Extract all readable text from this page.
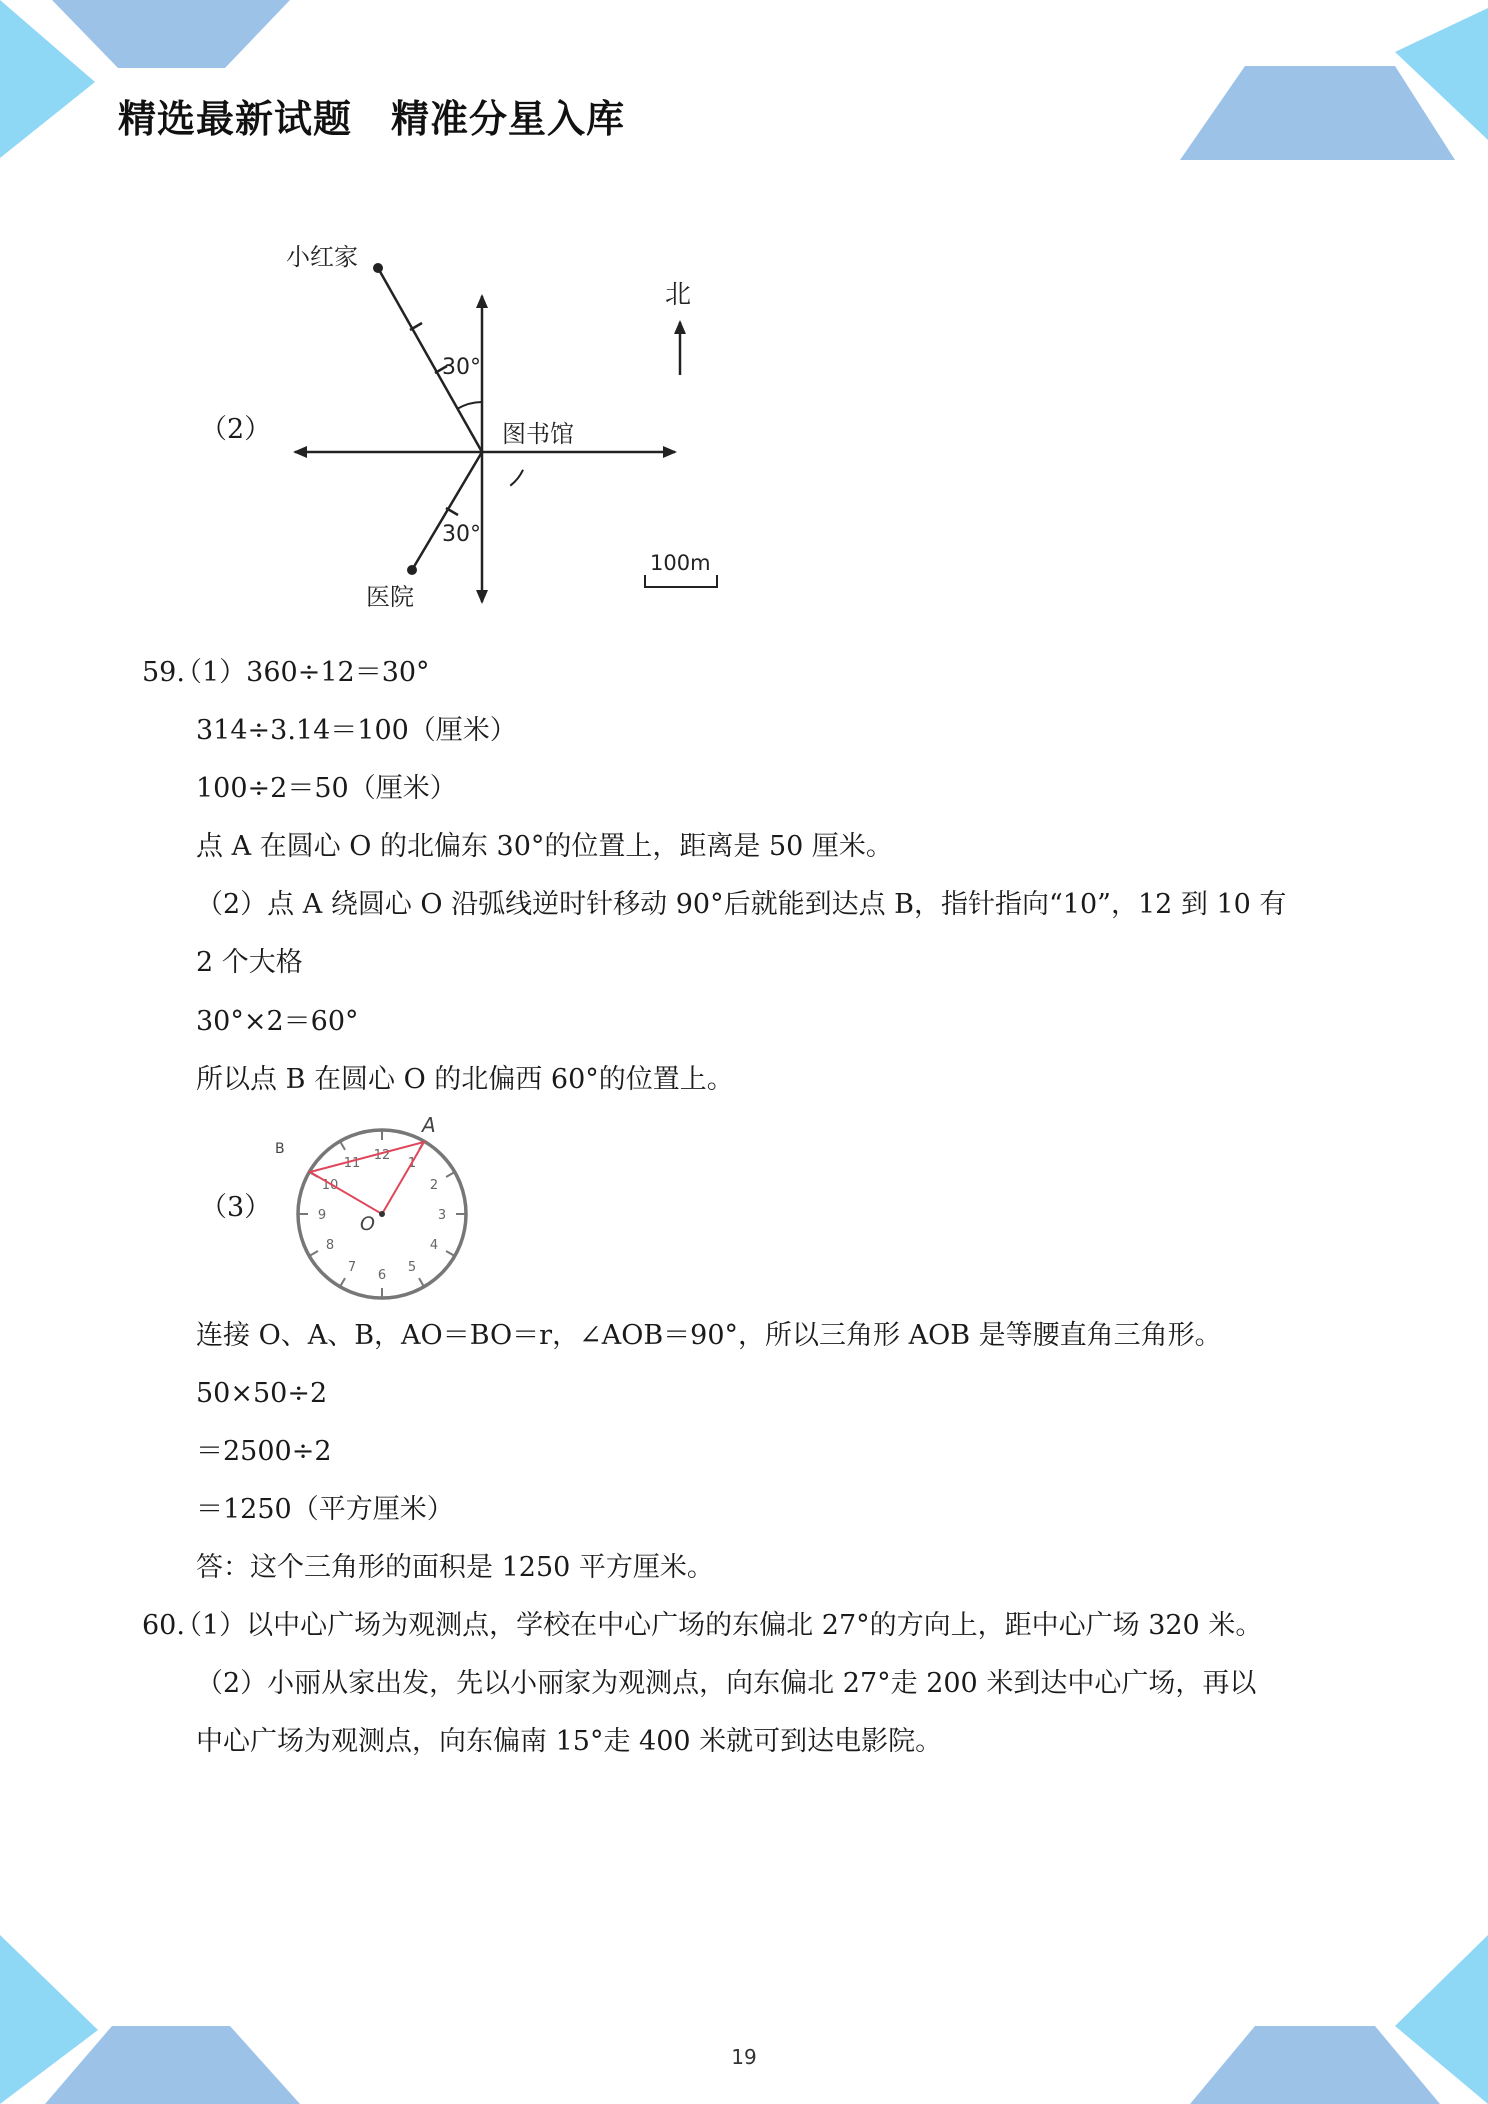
精选最新试题　精准分星入库
（2）
北
小红家
图书馆
医院
30°
30°
100m
59.
（1）360÷12＝30°
314÷3.14＝100（厘米）
100÷2＝50（厘米）
点 A 在圆心 O 的北偏东 30°的位置上，距离是 50 厘米。
（2）点 A 绕圆心 O 沿弧线逆时针移动 90°后就能到达点 B，指针指向“10”，12 到 10 有
2 个大格
30°×2＝60°
所以点 B 在圆心 O 的北偏西 60°的位置上。
（3）
12
1
2
3
4
5
6
7
8
9
10
11
A
B
O
连接 O、A、B，AO＝BO＝r，∠AOB＝90°，所以三角形 AOB 是等腰直角三角形。
50×50÷2
＝2500÷2
＝1250（平方厘米）
答：这个三角形的面积是 1250 平方厘米。
60.
（1）以中心广场为观测点，学校在中心广场的东偏北 27°的方向上，距中心广场 320 米。
（2）小丽从家出发，先以小丽家为观测点，向东偏北 27°走 200 米到达中心广场，再以
中心广场为观测点，向东偏南 15°走 400 米就可到达电影院。
19
